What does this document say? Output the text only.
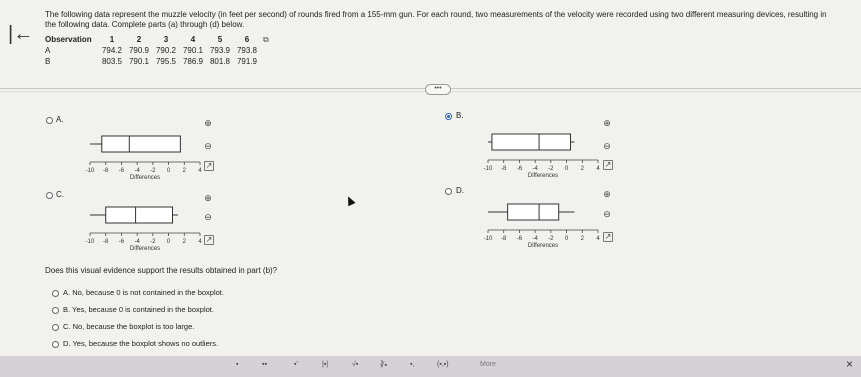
|←
The following data represent the muzzle velocity (in feet per second) of rounds fired from a 155-mm gun. For each round, two measurements of the velocity were recorded using two different measuring devices, resulting in
the following data. Complete parts (a) through (d) below.
Observation	1	2	3	4	5	6	⧉
A	794.2 790.9 790.2 790.1 793.9 793.8
B	803.5 790.1 795.5 786.9 801.8 791.9
•••
A.	⊕
⊖
↗
-10 -8 -6 -4 -2 0 2 4
Differences
B.
⊕
⊖
↗
-10 -8 -6 -4 -2 0 2 4
Differences
C.	⊕
⊖
↗
-10 -8 -6 -4 -2 0 2 4
Differences
D.	⊕
⊖
↗
-10 -8 -6 -4 -2 0 2 4
Differences
Does this visual evidence support the results obtained in part (b)?
A. No, because 0 is not contained in the boxplot.
B. Yes, because 0 is contained in the boxplot.
C. No, because the boxplot is too large.
D. Yes, because the boxplot shows no outliers.
▪	▪▪	▪'	|▪|	√▪	∛▪	▪,	(▪,▪)	More	×
